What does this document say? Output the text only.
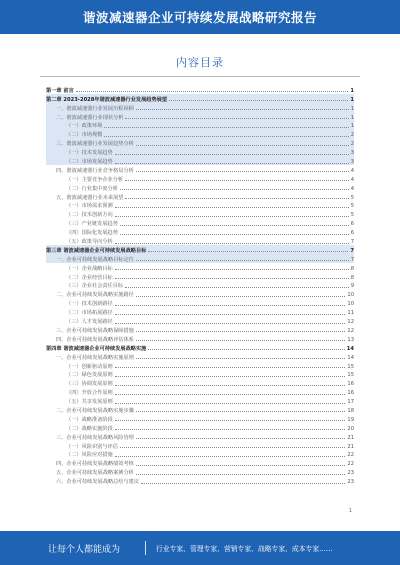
谐波减速器企业可持续发展战略研究报告
内容目录
第一章 前言	1
第二章 2023-2028年谐波减速器行业发展趋势展望	1
一、谐波减速器行业发展历程回顾	1
二、谐波减速器行业现状分析	1
（一）政策环境	1
（二）市场规模	2
三、谐波减速器行业发展趋势分析	2
（一）技术发展趋势	3
（二）市场发展趋势	3
四、谐波减速器行业竞争格局分析	4
（一）主要竞争企业分析	4
（二）行业集中度分析	4
五、谐波减速器行业未来展望	5
（一）市场需求预测	5
（二）技术创新方向	5
（三）产业链发展趋势	6
（四）国际化发展趋势	6
（五）政策导向分析	7
第三章 谐波减速器企业可持续发展战略目标	7
一、企业可持续发展战略目标定位	7
（一）企业战略目标	8
（二）企业经营目标	8
（三）企业社会责任目标	9
二、企业可持续发展战略实施路径	10
（一）技术创新路径	10
（二）市场拓展路径	11
（三）人才发展路径	12
三、企业可持续发展战略保障措施	12
四、企业可持续发展战略评估体系	13
第四章 谐波减速器企业可持续发展战略实施	14
一、企业可持续发展战略实施原则	14
（一）创新驱动原则	15
（二）绿色发展原则	15
（三）协调发展原则	16
（四）开放合作原则	16
（五）共享发展原则	17
二、企业可持续发展战略实施步骤	18
（一）战略准备阶段	19
（二）战略实施阶段	20
三、企业可持续发展战略风险管理	21
（一）风险识别与评估	21
（二）风险应对措施	22
四、企业可持续发展战略绩效考核	22
五、企业可持续发展战略案例分析	23
六、企业可持续发展战略总结与建议	23
1
让每个人都能成为	行业专家、管理专家、营销专家、战略专家、成本专家……
